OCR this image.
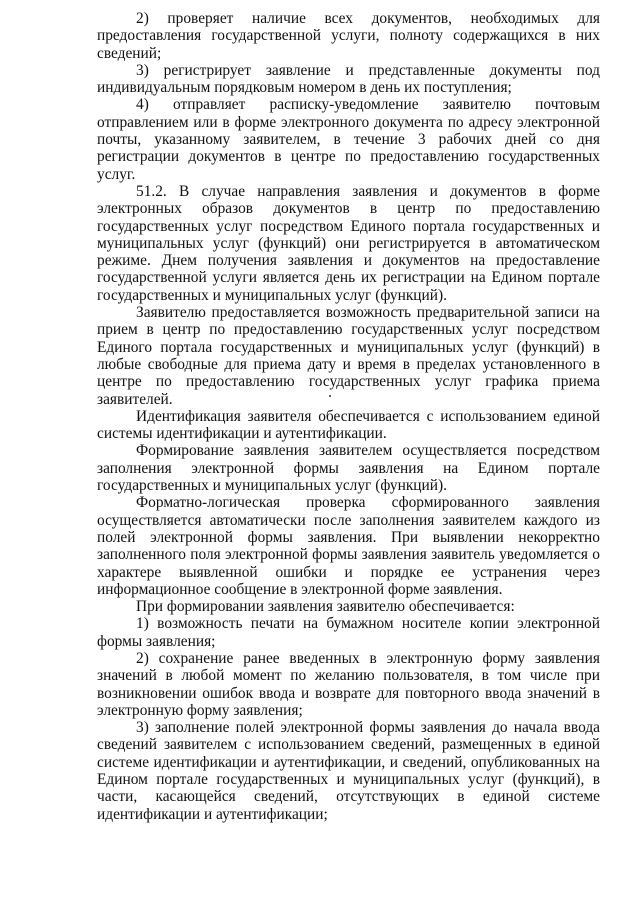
2) проверяет наличие всех документов, необходимых для предоставления государственной услуги, полноту содержащихся в них сведений;

3) регистрирует заявление и представленные документы под индивидуальным порядковым номером в день их поступления;

4) отправляет расписку-уведомление заявителю почтовым отправлением или в форме электронного документа по адресу электронной почты, указанному заявителем, в течение 3 рабочих дней со дня регистрации документов в центре по предоставлению государственных услуг.

51.2. В случае направления заявления и документов в форме электронных образов документов в центр по предоставлению государственных услуг посредством Единого портала государственных и муниципальных услуг (функций) они регистрируется в автоматическом режиме. Днем получения заявления и документов на предоставление государственной услуги является день их регистрации на Едином портале государственных и муниципальных услуг (функций).

Заявителю предоставляется возможность предварительной записи на прием в центр по предоставлению государственных услуг посредством Единого портала государственных и муниципальных услуг (функций) в любые свободные для приема дату и время в пределах установленного в центре по предоставлению государственных услуг графика приема заявителей.

Идентификация заявителя обеспечивается с использованием единой системы идентификации и аутентификации.

Формирование заявления заявителем осуществляется посредством заполнения электронной формы заявления на Едином портале государственных и муниципальных услуг (функций).

Форматно-логическая проверка сформированного заявления осуществляется автоматически после заполнения заявителем каждого из полей электронной формы заявления. При выявлении некорректно заполненного поля электронной формы заявления заявитель уведомляется о характере выявленной ошибки и порядке ее устранения через информационное сообщение в электронной форме заявления.

При формировании заявления заявителю обеспечивается:

1) возможность печати на бумажном носителе копии электронной формы заявления;

2) сохранение ранее введенных в электронную форму заявления значений в любой момент по желанию пользователя, в том числе при возникновении ошибок ввода и возврате для повторного ввода значений в электронную форму заявления;

3) заполнение полей электронной формы заявления до начала ввода сведений заявителем с использованием сведений, размещенных в единой системе идентификации и аутентификации, и сведений, опубликованных на Едином портале государственных и муниципальных услуг (функций), в части, касающейся сведений, отсутствующих в единой системе идентификации и аутентификации;
